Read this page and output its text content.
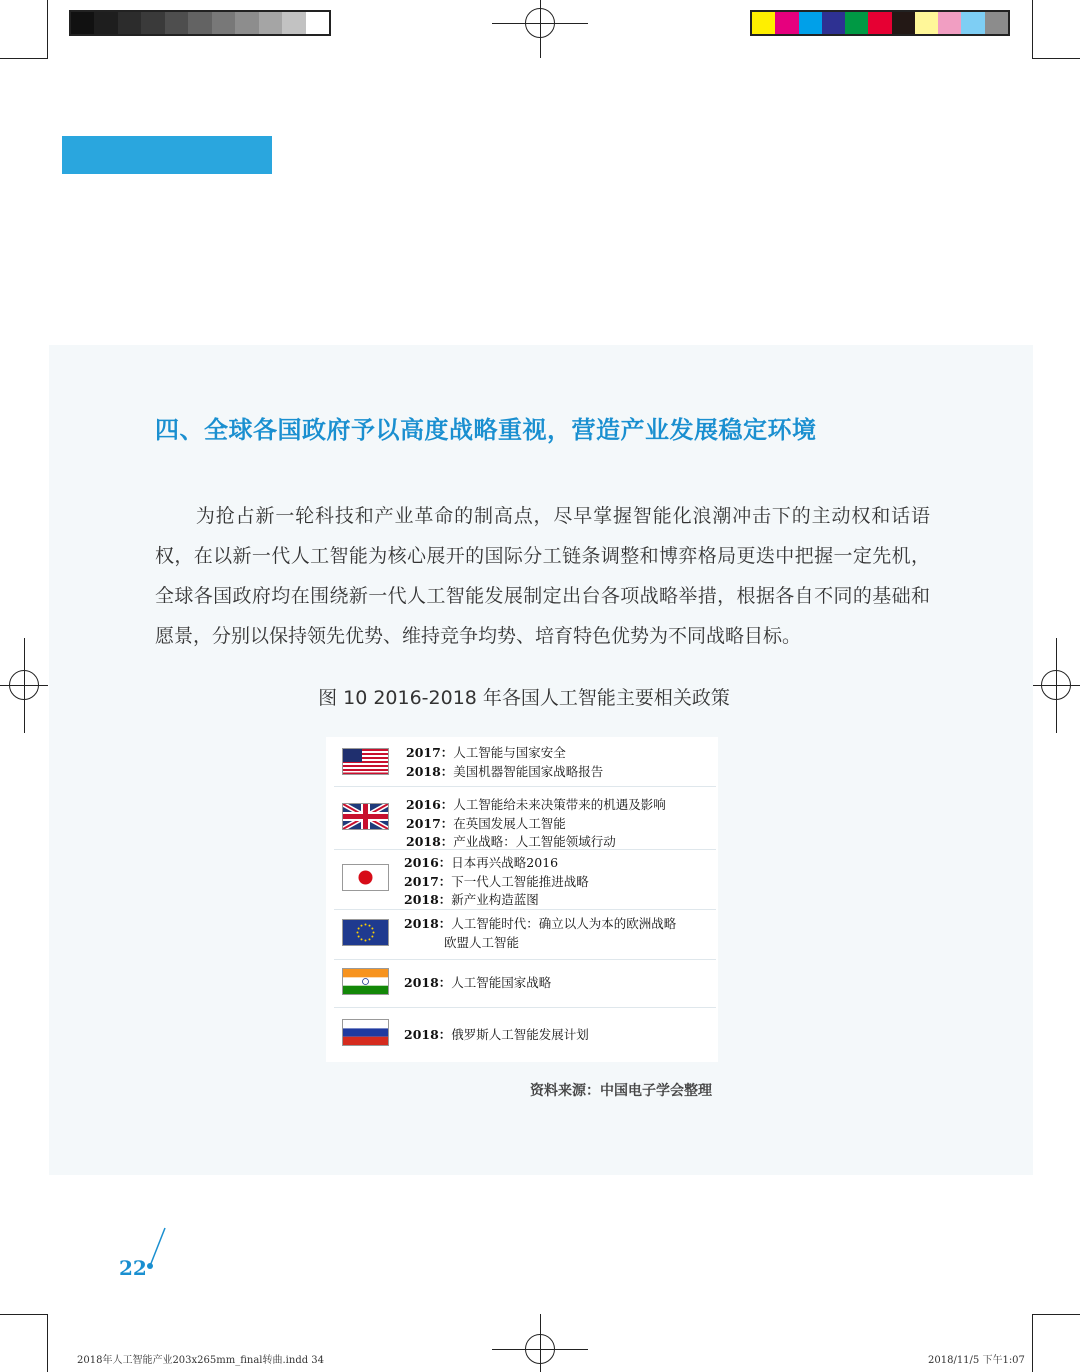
四、全球各国政府予以高度战略重视，营造产业发展稳定环境
为抢占新一轮科技和产业革命的制高点，尽早掌握智能化浪潮冲击下的主动权和话语权，在以新一代人工智能为核心展开的国际分工链条调整和博弈格局更迭中把握一定先机，全球各国政府均在围绕新一代人工智能发展制定出台各项战略举措，根据各自不同的基础和愿景，分别以保持领先优势、维持竞争均势、培育特色优势为不同战略目标。
图 10 2016-2018 年各国人工智能主要相关政策
2017：人工智能与国家安全
2018：美国机器智能国家战略报告
2016：人工智能给未来决策带来的机遇及影响
2017：在英国发展人工智能
2018：产业战略：人工智能领域行动
2016：日本再兴战略2016
2017：下一代人工智能推进战略
2018：新产业构造蓝图
2018：人工智能时代：确立以人为本的欧洲战略
欧盟人工智能
2018：人工智能国家战略
2018：俄罗斯人工智能发展计划
资料来源：中国电子学会整理
22
2018年人工智能产业203x265mm_final转曲.indd 34	2018/11/5 下午1:07
